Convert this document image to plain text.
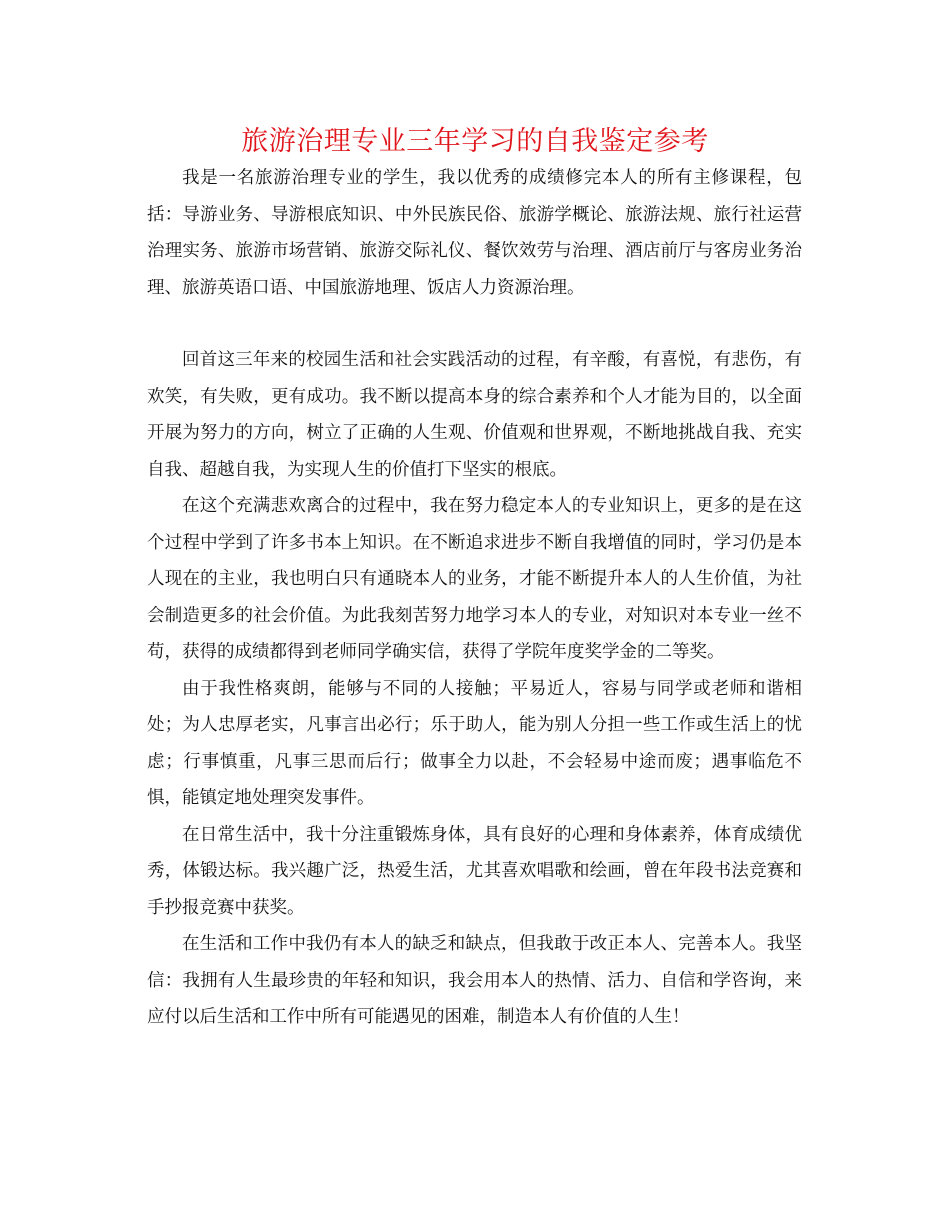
旅游治理专业三年学习的自我鉴定参考

我是一名旅游治理专业的学生，我以优秀的成绩修完本人的所有主修课程，包括：导游业务、导游根底知识、中外民族民俗、旅游学概论、旅游法规、旅行社运营治理实务、旅游市场营销、旅游交际礼仪、餐饮效劳与治理、酒店前厅与客房业务治理、旅游英语口语、中国旅游地理、饭店人力资源治理。

回首这三年来的校园生活和社会实践活动的过程，有辛酸，有喜悦，有悲伤，有欢笑，有失败，更有成功。我不断以提高本身的综合素养和个人才能为目的，以全面开展为努力的方向，树立了正确的人生观、价值观和世界观，不断地挑战自我、充实自我、超越自我，为实现人生的价值打下坚实的根底。

在这个充满悲欢离合的过程中，我在努力稳定本人的专业知识上，更多的是在这个过程中学到了许多书本上知识。在不断追求进步不断自我增值的同时，学习仍是本人现在的主业，我也明白只有通晓本人的业务，才能不断提升本人的人生价值，为社会制造更多的社会价值。为此我刻苦努力地学习本人的专业，对知识对本专业一丝不苟，获得的成绩都得到老师同学确实信，获得了学院年度奖学金的二等奖。

由于我性格爽朗，能够与不同的人接触；平易近人，容易与同学或老师和谐相处；为人忠厚老实，凡事言出必行；乐于助人，能为别人分担一些工作或生活上的忧虑；行事慎重，凡事三思而后行；做事全力以赴，不会轻易中途而废；遇事临危不惧，能镇定地处理突发事件。

在日常生活中，我十分注重锻炼身体，具有良好的心理和身体素养，体育成绩优秀，体锻达标。我兴趣广泛，热爱生活，尤其喜欢唱歌和绘画，曾在年段书法竞赛和手抄报竞赛中获奖。

在生活和工作中我仍有本人的缺乏和缺点，但我敢于改正本人、完善本人。我坚信：我拥有人生最珍贵的年轻和知识，我会用本人的热情、活力、自信和学咨询，来应付以后生活和工作中所有可能遇见的困难，制造本人有价值的人生！
